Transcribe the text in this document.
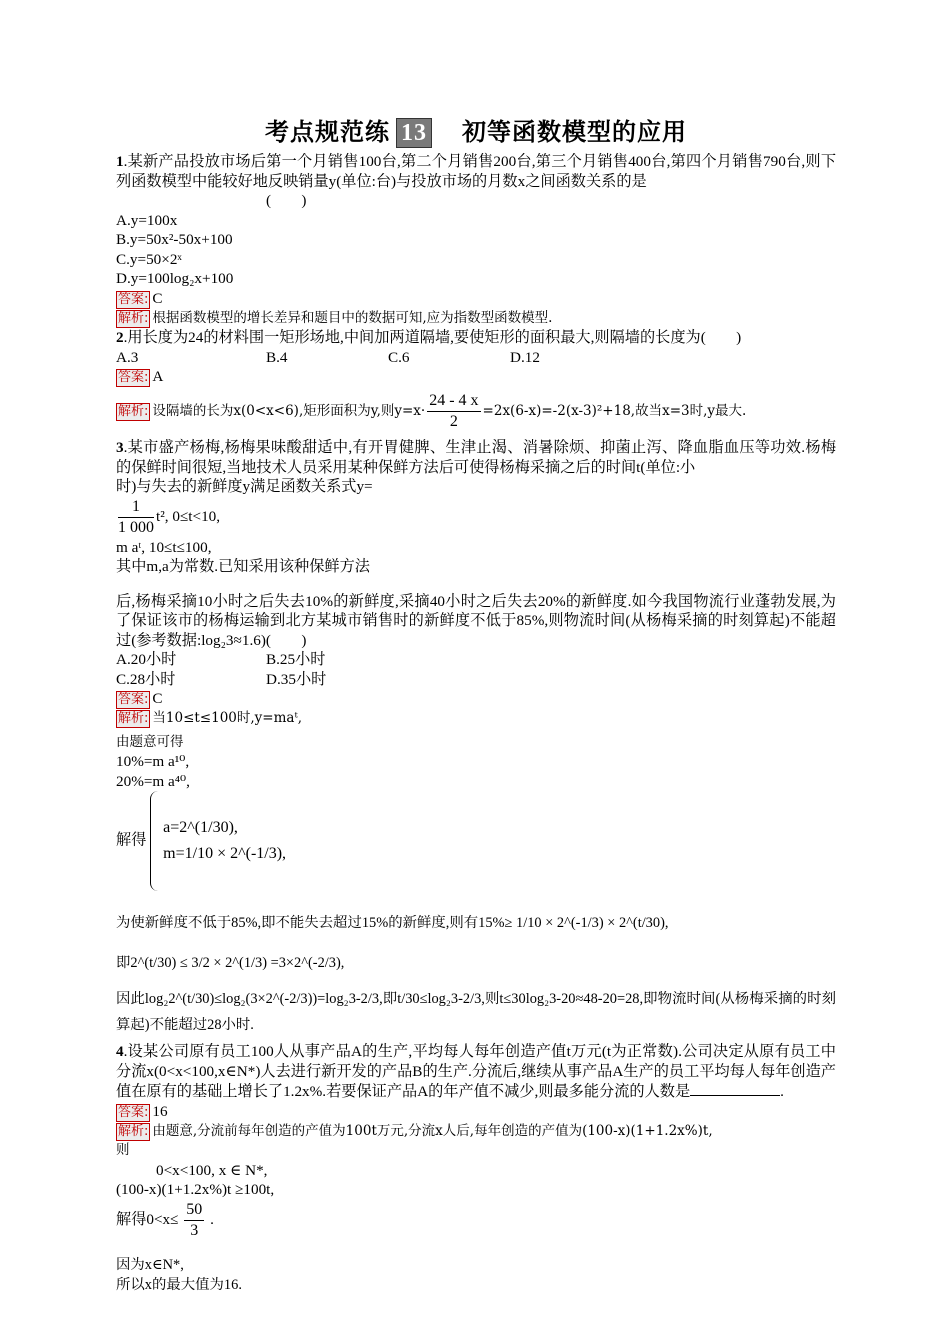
考点规范练 13 初等函数模型的应用

1.某新产品投放市场后第一个月销售100台,第二个月销售200台,第三个月销售400台,第四个月销售790台,则下列函数模型中能较好地反映销量y(单位:台)与投放市场的月数x之间函数关系的是

(　　)

A.y=100x

B.y=50x²-50x+100

C.y=50×2ˣ

D.y=100log₂x+100

答案: C

解析: 根据函数模型的增长差异和题目中的数据可知,应为指数型函数模型.

2.用长度为24的材料围一矩形场地,中间加两道隔墙,要使矩形的面积最大,则隔墙的长度为(　　)

A.3	B.4	C.6	D.12

答案: A

解析: 设隔墙的长为x(0<x<6),矩形面积为y,则$y=x\cdot \frac{24 - 4 x}{2} =2x(6-x)=-2(x-3)^2+18$,故当x=3时,y最大.

3.某市盛产杨梅,杨梅果味酸甜适中,有开胃健脾、生津止渴、消暑除烦、抑菌止泻、降血脂血压等功效.杨梅的保鲜时间很短,当地技术人员采用某种保鲜方法后可使得杨梅采摘之后的时间t(单位:小

时)与失去的新鲜度y满足函数关系式y=

$\frac{1}{1 000} t^2$, 0≤t<10,
m aᵗ, 10≤t≤100,
其中m,a为常数.已知采用该种保鲜方法

后,杨梅采摘10小时之后失去10%的新鲜度,采摘40小时之后失去20%的新鲜度.如今我国物流行业蓬勃发展,为了保证该市的杨梅运输到北方某城市销售时的新鲜度不低于85%,则物流时间(从杨梅采摘的时刻算起)不能超过(参考数据:log₂3≈1.6)(　　)

A.20小时	B.25小时
C.28小时	D.35小时

答案: C

解析: 当10≤t≤100时,y=maᵗ,

由题意可得

10%=m a¹⁰,
20%=m a⁴⁰,
解得
a=2^(1/30),
m=1/10 × 2^(-1/3),

为使新鲜度不低于85%,即不能失去超过15%的新鲜度,则有15%≥ 1/10 × 2^(-1/3) × 2^(t/30),

即2^(t/30) ≤ 3/2 × 2^(1/3) =3×2^(-2/3),

因此log₂2^(t/30)≤log₂(3×2^(-2/3))=log₂3-2/3,即t/30≤log₂3-2/3,则t≤30log₂3-20≈48-20=28,即物流时间(从杨梅采摘的时刻算起)不能超过28小时.

4.设某公司原有员工100人从事产品A的生产,平均每人每年创造产值t万元(t为正常数).公司决定从原有员工中分流x(0<x<100,x∈N*)人去进行新开发的产品B的生产.分流后,继续从事产品A生产的员工平均每人每年创造产值在原有的基础上增长了1.2x%.若要保证产品A的年产值不减少,则最多能分流的人数是	.

答案: 16

解析: 由题意,分流前每年创造的产值为100t万元,分流x人后,每年创造的产值为(100-x)(1+1.2x%)t,

则

0<x<100, x ∈ N*,
(100-x)(1+1.2x%)t ≥100t,
解得$0<x\le \frac{50}{3}$ .

因为x∈N*,

所以x的最大值为16.
